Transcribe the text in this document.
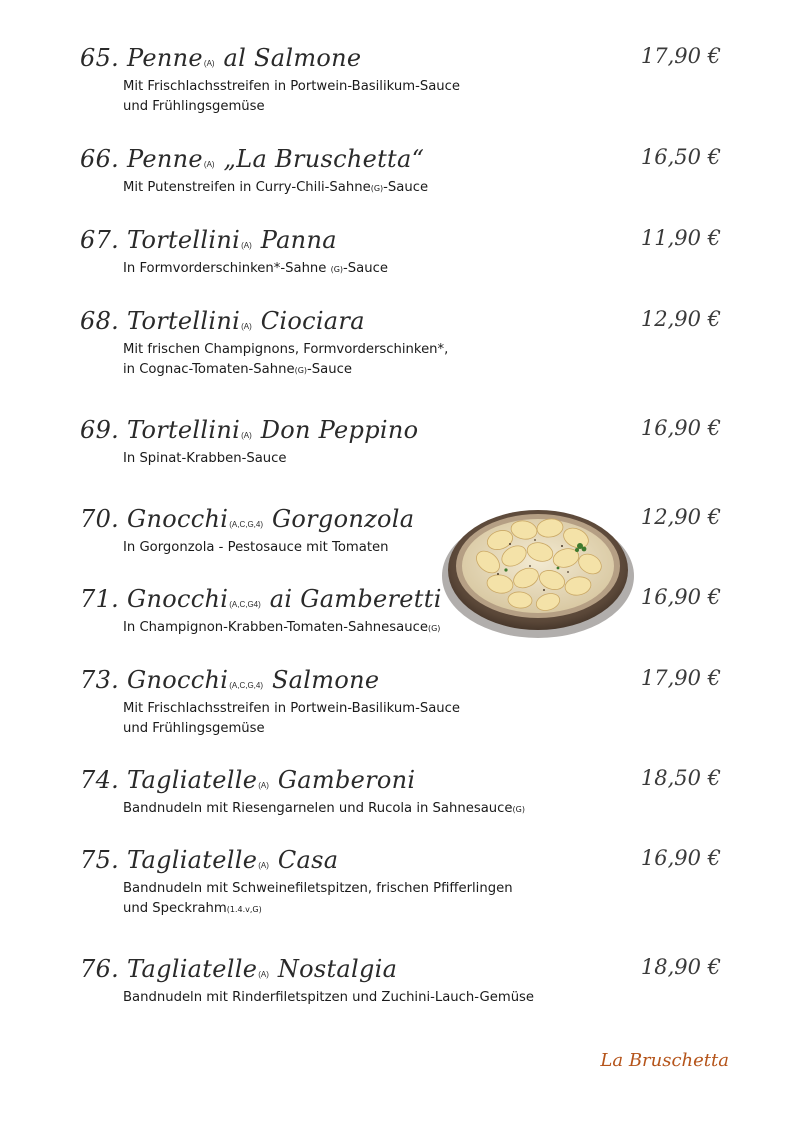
65. Penne(A) al Salmone	17,90 €
Mit Frischlachsstreifen in Portwein-Basilikum-Sauce
und Frühlingsgemüse
66. Penne(A) „La Bruschetta“	16,50 €
Mit Putenstreifen in Curry-Chili-Sahne(G)-Sauce
67. Tortellini(A) Panna	11,90 €
In Formvorderschinken*-Sahne (G)-Sauce
68. Tortellini(A) Ciociara	12,90 €
Mit frischen Champignons, Formvorderschinken*,
in Cognac-Tomaten-Sahne(G)-Sauce
69. Tortellini(A) Don Peppino	16,90 €
In Spinat-Krabben-Sauce
70. Gnocchi(A,C,G,4) Gorgonzola	12,90 €
In Gorgonzola - Pestosauce mit Tomaten
71. Gnocchi(A,C,G4) ai Gamberetti	16,90 €
In Champignon-Krabben-Tomaten-Sahnesauce(G)
73. Gnocchi(A,C,G,4) Salmone	17,90 €
Mit Frischlachsstreifen in Portwein-Basilikum-Sauce
und Frühlingsgemüse
74. Tagliatelle(A) Gamberoni	18,50 €
Bandnudeln mit Riesengarnelen und Rucola in Sahnesauce(G)
75. Tagliatelle(A) Casa	16,90 €
Bandnudeln mit Schweinefiletspitzen, frischen Pfifferlingen
und Speckrahm(1.4.v,G)
76. Tagliatelle(A) Nostalgia	18,90 €
Bandnudeln mit Rinderfiletspitzen und Zuchini-Lauch-Gemüse
La Bruschetta
